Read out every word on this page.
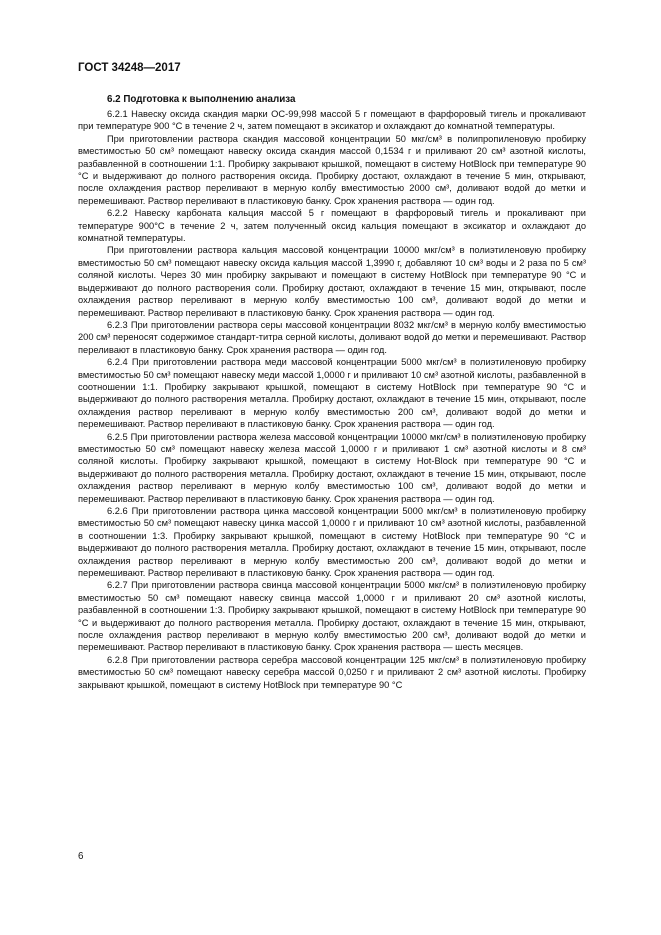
ГОСТ 34248—2017
6.2 Подготовка к выполнению анализа

6.2.1 Навеску оксида скандия марки ОС-99,998 массой 5 г помещают в фарфоровый тигель и прокаливают при температуре 900 °С в течение 2 ч, затем помещают в эксикатор и охлаждают до комнатной температуры.

При приготовлении раствора скандия массовой концентрации 50 мкг/см³ в полипропиленовую пробирку вместимостью 50 см³ помещают навеску оксида скандия массой 0,1534 г и приливают 20 см³ азотной кислоты, разбавленной в соотношении 1:1. Пробирку закрывают крышкой, помещают в систему HotBlock при температуре 90 °С и выдерживают до полного растворения оксида. Пробирку достают, охлаждают в течение 5 мин, открывают, после охлаждения раствор переливают в мерную колбу вместимостью 2000 см³, доливают водой до метки и перемешивают. Раствор переливают в пластиковую банку. Срок хранения раствора — один год.

6.2.2 Навеску карбоната кальция массой 5 г помещают в фарфоровый тигель и прокаливают при температуре 900°С в течение 2 ч, затем полученный оксид кальция помещают в эксикатор и охлаждают до комнатной температуры.

При приготовлении раствора кальция массовой концентрации 10000 мкг/см³ в полиэтиленовую пробирку вместимостью 50 см³ помещают навеску оксида кальция массой 1,3990 г, добавляют 10 см³ воды и 2 раза по 5 см³ соляной кислоты. Через 30 мин пробирку закрывают и помещают в систему HotBlock при температуре 90 °С и выдерживают до полного растворения соли. Пробирку достают, охлаждают в течение 15 мин, открывают, после охлаждения раствор переливают в мерную колбу вместимостью 100 см³, доливают водой до метки и перемешивают. Раствор переливают в пластиковую банку. Срок хранения раствора — один год.

6.2.3 При приготовлении раствора серы массовой концентрации 8032 мкг/см³ в мерную колбу вместимостью 200 см³ переносят содержимое стандарт-титра серной кислоты, доливают водой до метки и перемешивают. Раствор переливают в пластиковую банку. Срок хранения раствора — один год.

6.2.4 При приготовлении раствора меди массовой концентрации 5000 мкг/см³ в полиэтиленовую пробирку вместимостью 50 см³ помещают навеску меди массой 1,0000 г и приливают 10 см³ азотной кислоты, разбавленной в соотношении 1:1. Пробирку закрывают крышкой, помещают в систему HotBlock при температуре 90 °С и выдерживают до полного растворения металла. Пробирку достают, охлаждают в течение 15 мин, открывают, после охлаждения раствор переливают в мерную колбу вместимостью 200 см³, доливают водой до метки и перемешивают. Раствор переливают в пластиковую банку. Срок хранения раствора — один год.

6.2.5 При приготовлении раствора железа массовой концентрации 10000 мкг/см³ в полиэтиленовую пробирку вместимостью 50 см³ помещают навеску железа массой 1,0000 г и приливают 1 см³ азотной кислоты и 8 см³ соляной кислоты. Пробирку закрывают крышкой, помещают в систему Hot-Block при температуре 90 °С и выдерживают до полного растворения металла. Пробирку достают, охлаждают в течение 15 мин, открывают, после охлаждения раствор переливают в мерную колбу вместимостью 100 см³, доливают водой до метки и перемешивают. Раствор переливают в пластиковую банку. Срок хранения раствора — один год.

6.2.6 При приготовлении раствора цинка массовой концентрации 5000 мкг/см³ в полиэтиленовую пробирку вместимостью 50 см³ помещают навеску цинка массой 1,0000 г и приливают 10 см³ азотной кислоты, разбавленной в соотношении 1:3. Пробирку закрывают крышкой, помещают в систему HotBlock при температуре 90 °С и выдерживают до полного растворения металла. Пробирку достают, охлаждают в течение 15 мин, открывают, после охлаждения раствор переливают в мерную колбу вместимостью 200 см³, доливают водой до метки и перемешивают. Раствор переливают в пластиковую банку. Срок хранения раствора — один год.

6.2.7 При приготовлении раствора свинца массовой концентрации 5000 мкг/см³ в полиэтиленовую пробирку вместимостью 50 см³ помещают навеску свинца массой 1,0000 г и приливают 20 см³ азотной кислоты, разбавленной в соотношении 1:3. Пробирку закрывают крышкой, помещают в систему HotBlock при температуре 90 °С и выдерживают до полного растворения металла. Пробирку достают, охлаждают в течение 15 мин, открывают, после охлаждения раствор переливают в мерную колбу вместимостью 200 см³, доливают водой до метки и перемешивают. Раствор переливают в пластиковую банку. Срок хранения раствора — шесть месяцев.

6.2.8 При приготовлении раствора серебра массовой концентрации 125 мкг/см³ в полиэтиленовую пробирку вместимостью 50 см³ помещают навеску серебра массой 0,0250 г и приливают 2 см³ азотной кислоты. Пробирку закрывают крышкой, помещают в систему HotBlock при температуре 90 °С

6
